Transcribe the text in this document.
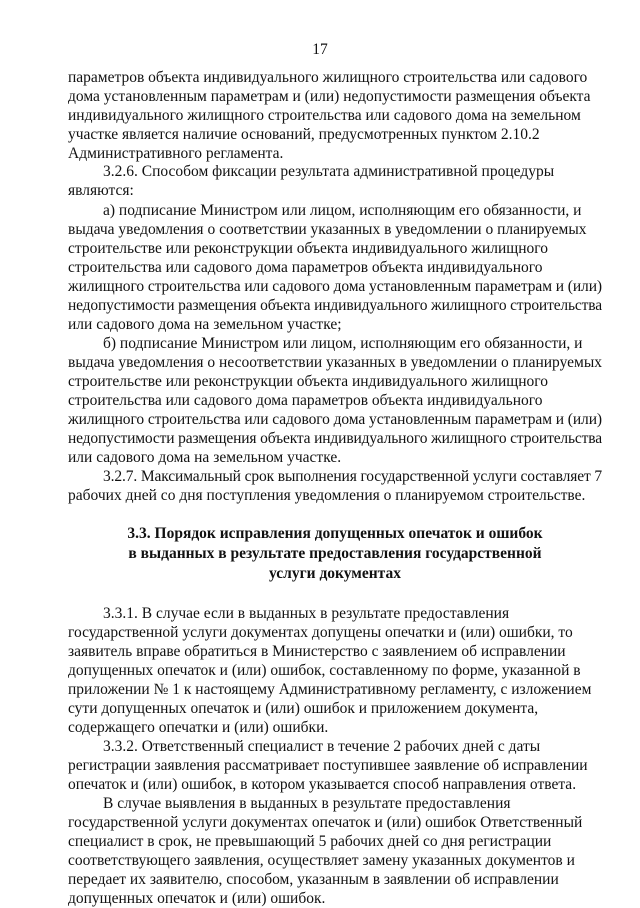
17
параметров объекта индивидуального жилищного строительства или садового
дома установленным параметрам и (или) недопустимости размещения объекта
индивидуального жилищного строительства или садового дома на земельном
участке является наличие оснований, предусмотренных пунктом 2.10.2
Административного регламента.
3.2.6. Способом фиксации результата административной процедуры
являются:
а) подписание Министром или лицом, исполняющим его обязанности, и
выдача уведомления о соответствии указанных в уведомлении о планируемых
строительстве или реконструкции объекта индивидуального жилищного
строительства или садового дома параметров объекта индивидуального
жилищного строительства или садового дома установленным параметрам и (или)
недопустимости размещения объекта индивидуального жилищного строительства
или садового дома на земельном участке;
б) подписание Министром или лицом, исполняющим его обязанности, и
выдача уведомления о несоответствии указанных в уведомлении о планируемых
строительстве или реконструкции объекта индивидуального жилищного
строительства или садового дома параметров объекта индивидуального
жилищного строительства или садового дома установленным параметрам и (или)
недопустимости размещения объекта индивидуального жилищного строительства
или садового дома на земельном участке.
3.2.7. Максимальный срок выполнения государственной услуги составляет 7
рабочих дней со дня поступления уведомления о планируемом строительстве.
3.3. Порядок исправления допущенных опечаток и ошибок
в выданных в результате предоставления государственной
услуги документах
3.3.1. В случае если в выданных в результате предоставления
государственной услуги документах допущены опечатки и (или) ошибки, то
заявитель вправе обратиться в Министерство с заявлением об исправлении
допущенных опечаток и (или) ошибок, составленному по форме, указанной в
приложении № 1 к настоящему Административному регламенту, с изложением
сути допущенных опечаток и (или) ошибок и приложением документа,
содержащего опечатки и (или) ошибки.
3.3.2. Ответственный специалист в течение 2 рабочих дней с даты
регистрации заявления рассматривает поступившее заявление об исправлении
опечаток и (или) ошибок, в котором указывается способ направления ответа.
В случае выявления в выданных в результате предоставления
государственной услуги документах опечаток и (или) ошибок Ответственный
специалист в срок, не превышающий 5 рабочих дней со дня регистрации
соответствующего заявления, осуществляет замену указанных документов и
передает их заявителю, способом, указанным в заявлении об исправлении
допущенных опечаток и (или) ошибок.
